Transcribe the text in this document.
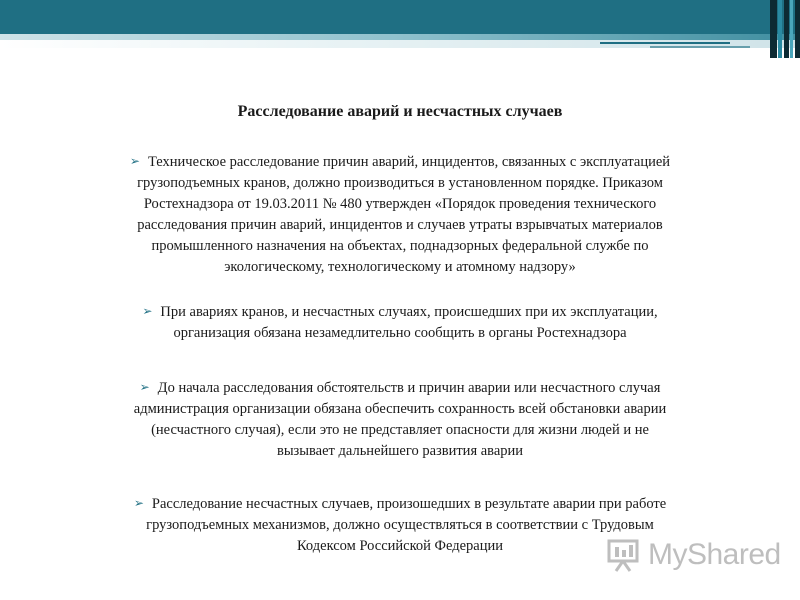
Расследование аварий и несчастных случаев
➢ Техническое расследование причин аварий, инцидентов, связанных с эксплуатацией
грузоподъемных кранов, должно производиться в установленном порядке. Приказом
Ростехнадзора от 19.03.2011 № 480 утвержден «Порядок проведения технического
расследования причин аварий, инцидентов и случаев утраты взрывчатых материалов
промышленного назначения на объектах, поднадзорных федеральной службе по
экологическому, технологическому и атомному надзору»
➢ При авариях кранов, и несчастных случаях, происшедших при их эксплуатации,
организация обязана незамедлительно сообщить в органы Ростехнадзора
➢ До начала расследования обстоятельств и причин аварии или несчастного случая
администрация организации обязана обеспечить сохранность всей обстановки аварии
(несчастного случая), если это не представляет опасности для жизни людей и не
вызывает дальнейшего развития аварии
➢ Расследование несчастных случаев, произошедших в результате аварии при работе
грузоподъемных механизмов, должно осуществляться в соответствии с Трудовым
Кодексом Российской Федерации	MyShared
